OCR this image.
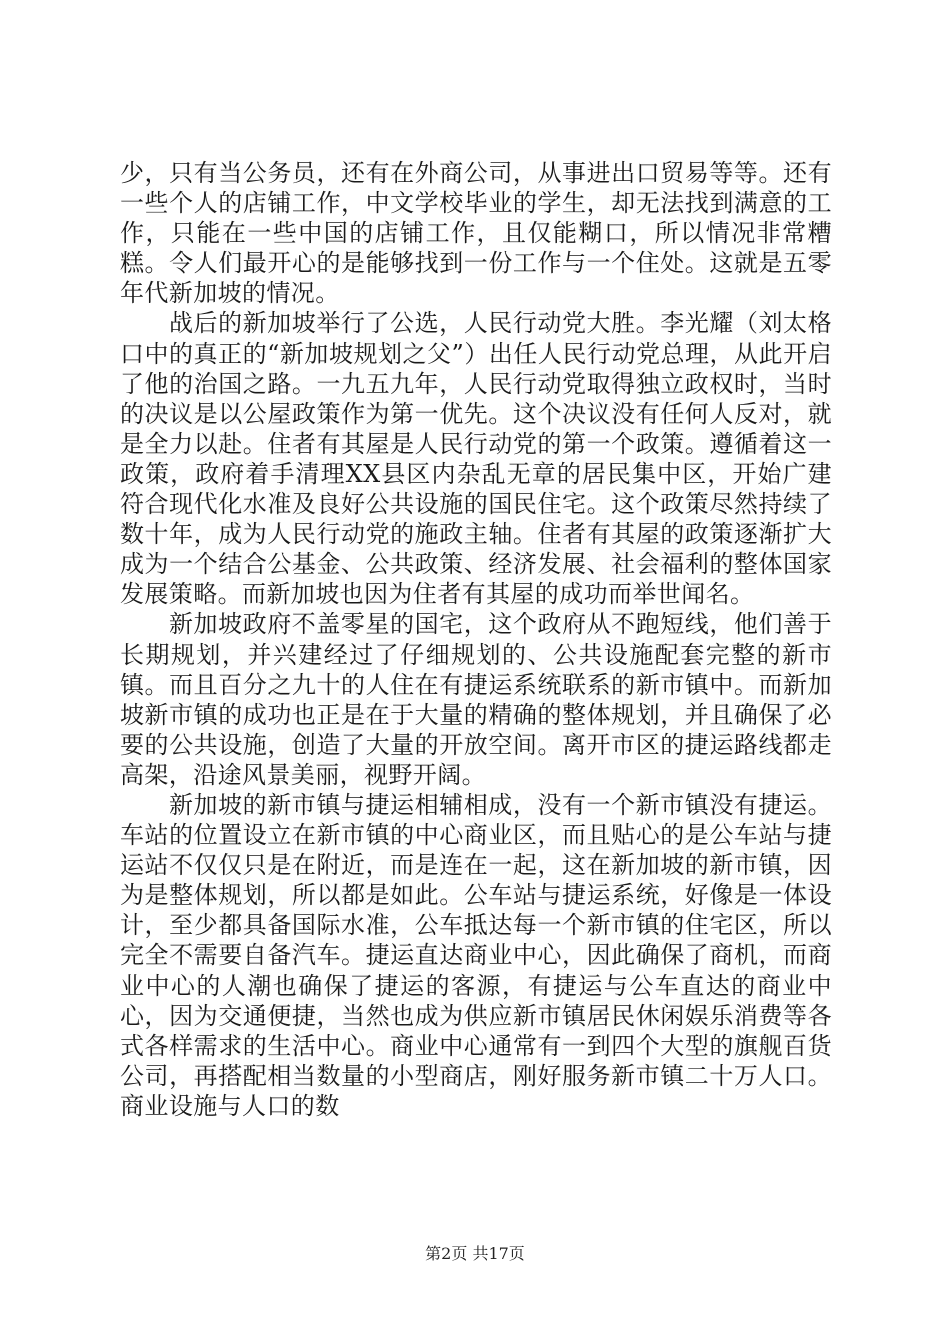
少，只有当公务员，还有在外商公司，从事进出口贸易等等。还有一些个人的店铺工作，中文学校毕业的学生，却无法找到满意的工作，只能在一些中国的店铺工作，且仅能糊口，所以情况非常糟糕。令人们最开心的是能够找到一份工作与一个住处。这就是五零年代新加坡的情况。

战后的新加坡举行了公选，人民行动党大胜。李光耀（刘太格口中的真正的“新加坡规划之父”）出任人民行动党总理，从此开启了他的治国之路。一九五九年，人民行动党取得独立政权时，当时的决议是以公屋政策作为第一优先。这个决议没有任何人反对，就是全力以赴。住者有其屋是人民行动党的第一个政策。遵循着这一政策，政府着手清理XX县区内杂乱无章的居民集中区，开始广建符合现代化水准及良好公共设施的国民住宅。这个政策尽然持续了数十年，成为人民行动党的施政主轴。住者有其屋的政策逐渐扩大成为一个结合公基金、公共政策、经济发展、社会福利的整体国家发展策略。而新加坡也因为住者有其屋的成功而举世闻名。

新加坡政府不盖零星的国宅，这个政府从不跑短线，他们善于长期规划，并兴建经过了仔细规划的、公共设施配套完整的新市镇。而且百分之九十的人住在有捷运系统联系的新市镇中。而新加坡新市镇的成功也正是在于大量的精确的整体规划，并且确保了必要的公共设施，创造了大量的开放空间。离开市区的捷运路线都走高架，沿途风景美丽，视野开阔。

新加坡的新市镇与捷运相辅相成，没有一个新市镇没有捷运。车站的位置设立在新市镇的中心商业区，而且贴心的是公车站与捷运站不仅仅只是在附近，而是连在一起，这在新加坡的新市镇，因为是整体规划，所以都是如此。公车站与捷运系统，好像是一体设计，至少都具备国际水准，公车抵达每一个新市镇的住宅区，所以完全不需要自备汽车。捷运直达商业中心，因此确保了商机，而商业中心的人潮也确保了捷运的客源，有捷运与公车直达的商业中心，因为交通便捷，当然也成为供应新市镇居民休闲娱乐消费等各式各样需求的生活中心。商业中心通常有一到四个大型的旗舰百货公司，再搭配相当数量的小型商店，刚好服务新市镇二十万人口。商业设施与人口的数

第2页 共17页
